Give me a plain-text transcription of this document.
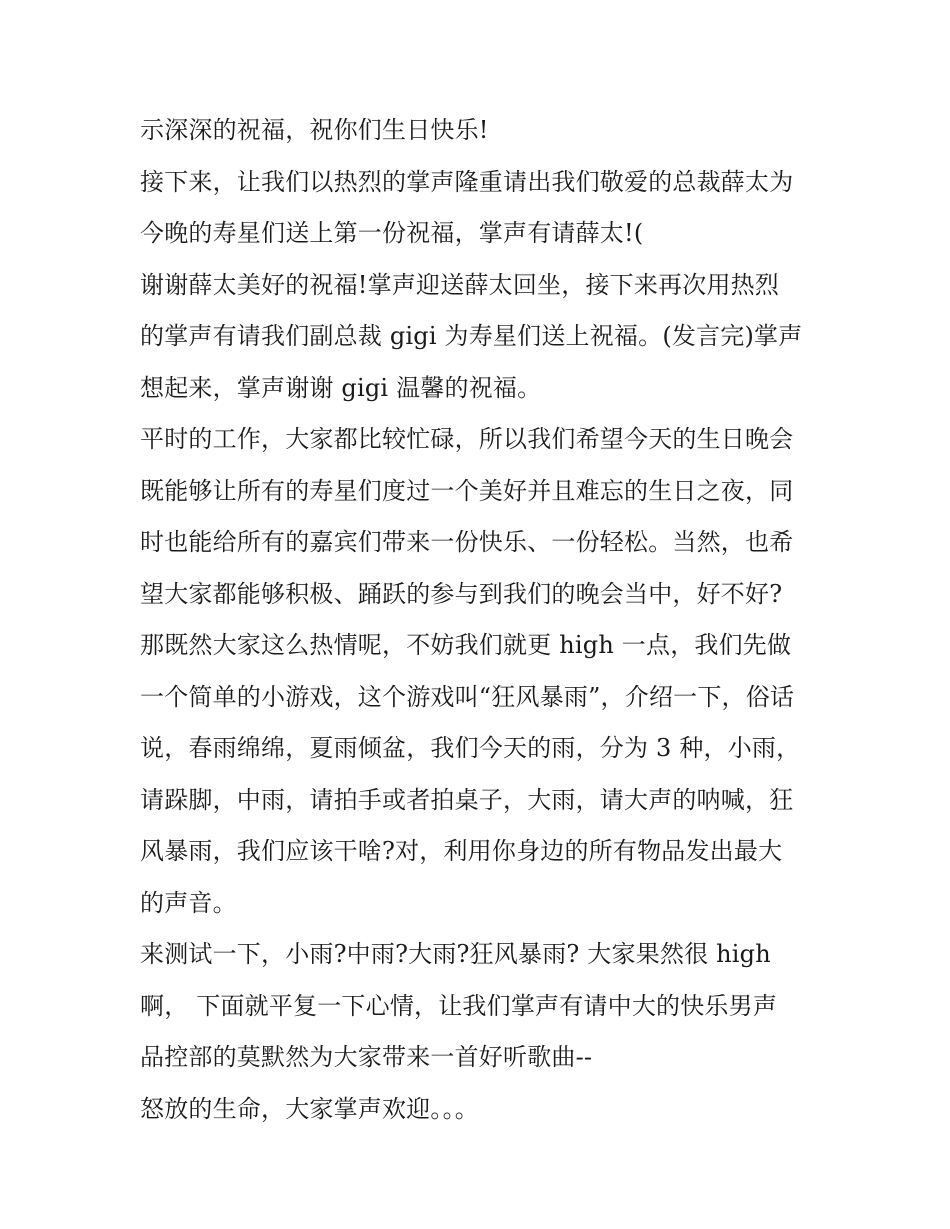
示深深的祝福，祝你们生日快乐!
接下来，让我们以热烈的掌声隆重请出我们敬爱的总裁薛太为
今晚的寿星们送上第一份祝福，掌声有请薛太!(
谢谢薛太美好的祝福!掌声迎送薛太回坐，接下来再次用热烈
的掌声有请我们副总裁 gigi 为寿星们送上祝福。(发言完)掌声
想起来，掌声谢谢 gigi 温馨的祝福。
平时的工作，大家都比较忙碌，所以我们希望今天的生日晚会
既能够让所有的寿星们度过一个美好并且难忘的生日之夜，同
时也能给所有的嘉宾们带来一份快乐、一份轻松。当然，也希
望大家都能够积极、踊跃的参与到我们的晚会当中，好不好?
那既然大家这么热情呢，不妨我们就更 high 一点，我们先做
一个简单的小游戏，这个游戏叫“狂风暴雨”，介绍一下，俗话
说，春雨绵绵，夏雨倾盆，我们今天的雨，分为 3 种，小雨，
请跺脚，中雨，请拍手或者拍桌子，大雨，请大声的呐喊，狂
风暴雨，我们应该干啥?对，利用你身边的所有物品发出最大
的声音。
来测试一下，小雨?中雨?大雨?狂风暴雨? 大家果然很 high
啊， 下面就平复一下心情，让我们掌声有请中大的快乐男声
品控部的莫默然为大家带来一首好听歌曲--
怒放的生命，大家掌声欢迎。。。
